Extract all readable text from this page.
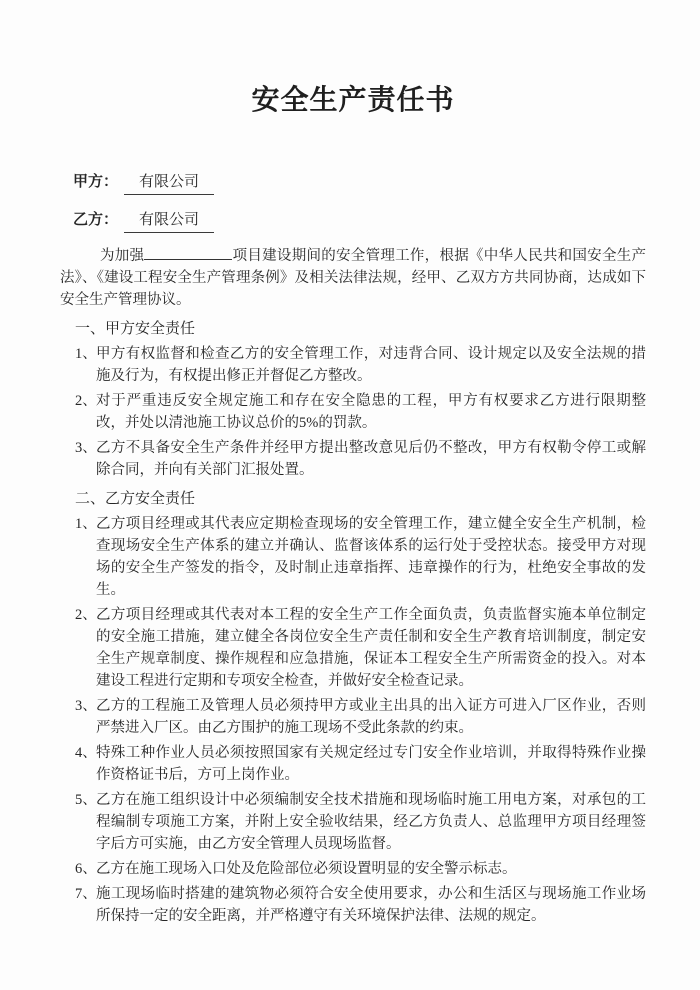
安全生产责任书
甲方： 有限公司
乙方： 有限公司

为加强	项目建设期间的安全管理工作，根据《中华人民共和国安全生产法》、《建设工程安全生产管理条例》及相关法律法规，经甲、乙双方方共同协商，达成如下安全生产管理协议。

一、甲方安全责任
1、 甲方有权监督和检查乙方的安全管理工作，对违背合同、设计规定以及安全法规的措施及行为，有权提出修正并督促乙方整改。
2、 对于严重违反安全规定施工和存在安全隐患的工程，甲方有权要求乙方进行限期整改，并处以清池施工协议总价的5%的罚款。
3、 乙方不具备安全生产条件并经甲方提出整改意见后仍不整改，甲方有权勒令停工或解除合同，并向有关部门汇报处置。
二、乙方安全责任
1、 乙方项目经理或其代表应定期检查现场的安全管理工作，建立健全安全生产机制，检查现场安全生产体系的建立并确认、监督该体系的运行处于受控状态。接受甲方对现场的安全生产签发的指令，及时制止违章指挥、违章操作的行为，杜绝安全事故的发生。
2、 乙方项目经理或其代表对本工程的安全生产工作全面负责，负责监督实施本单位制定的安全施工措施，建立健全各岗位安全生产责任制和安全生产教育培训制度，制定安全生产规章制度、操作规程和应急措施，保证本工程安全生产所需资金的投入。对本建设工程进行定期和专项安全检查，并做好安全检查记录。
3、 乙方的工程施工及管理人员必须持甲方或业主出具的出入证方可进入厂区作业，否则严禁进入厂区。由乙方围护的施工现场不受此条款的约束。
4、 特殊工种作业人员必须按照国家有关规定经过专门安全作业培训，并取得特殊作业操作资格证书后，方可上岗作业。
5、 乙方在施工组织设计中必须编制安全技术措施和现场临时施工用电方案，对承包的工程编制专项施工方案，并附上安全验收结果，经乙方负责人、总监理甲方项目经理签字后方可实施，由乙方安全管理人员现场监督。
6、 乙方在施工现场入口处及危险部位必须设置明显的安全警示标志。
7、 施工现场临时搭建的建筑物必须符合安全使用要求，办公和生活区与现场施工作业场所保持一定的安全距离，并严格遵守有关环境保护法律、法规的规定。
